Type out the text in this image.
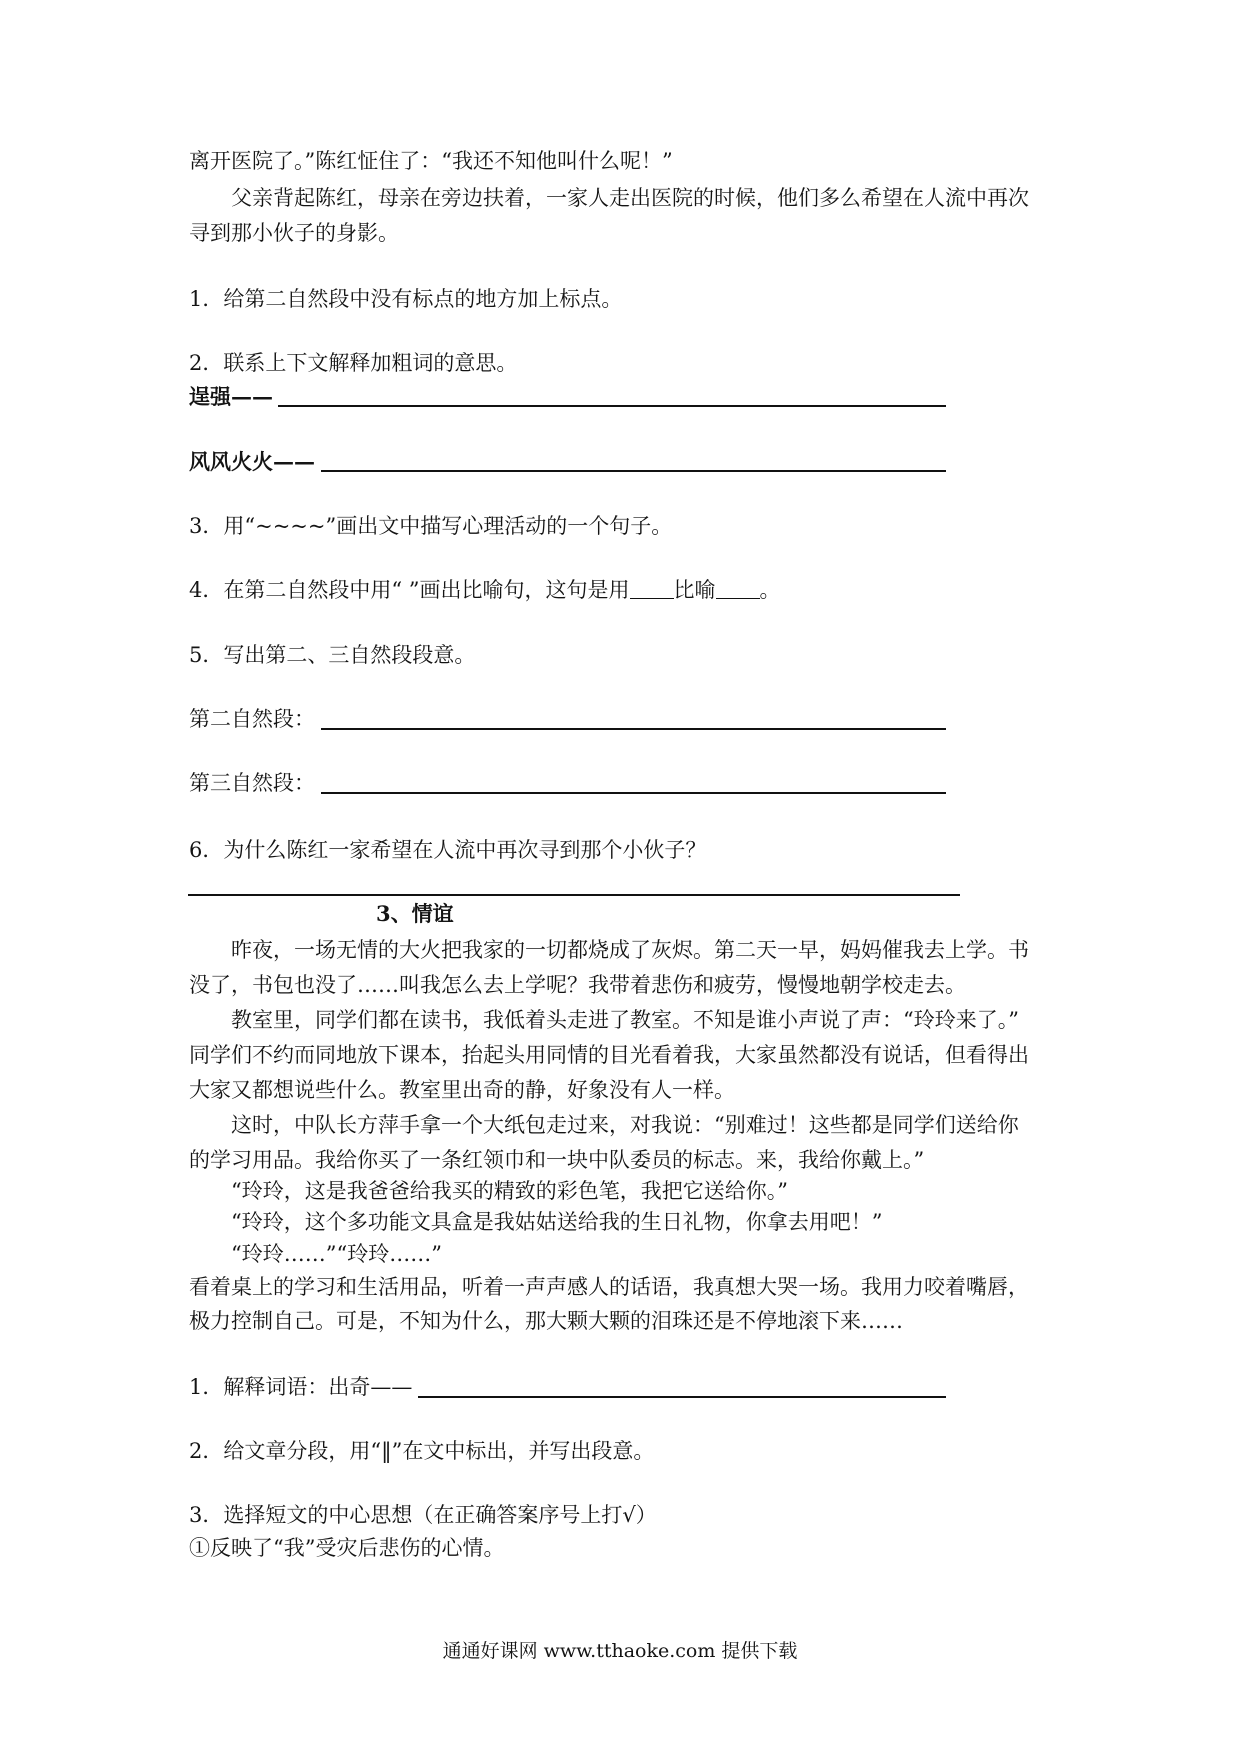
离开医院了。”陈红怔住了：“我还不知他叫什么呢！”
父亲背起陈红，母亲在旁边扶着，一家人走出医院的时候，他们多么希望在人流中再次
寻到那小伙子的身影。
1．给第二自然段中没有标点的地方加上标点。
2．联系上下文解释加粗词的意思。
逞强——
风风火火——
3．用“~~~~”画出文中描写心理活动的一个句子。
4．在第二自然段中用“ ”画出比喻句，这句是用 比喻 。
5．写出第二、三自然段段意。
第二自然段：
第三自然段：
6．为什么陈红一家希望在人流中再次寻到那个小伙子？
3、情谊
昨夜，一场无情的大火把我家的一切都烧成了灰烬。第二天一早，妈妈催我去上学。书
没了，书包也没了……叫我怎么去上学呢？我带着悲伤和疲劳，慢慢地朝学校走去。
教室里，同学们都在读书，我低着头走进了教室。不知是谁小声说了声：“玲玲来了。”
同学们不约而同地放下课本，抬起头用同情的目光看着我，大家虽然都没有说话，但看得出
大家又都想说些什么。教室里出奇的静，好象没有人一样。
这时，中队长方萍手拿一个大纸包走过来，对我说：“别难过！这些都是同学们送给你
的学习用品。我给你买了一条红领巾和一块中队委员的标志。来，我给你戴上。”
“玲玲，这是我爸爸给我买的精致的彩色笔，我把它送给你。”
“玲玲，这个多功能文具盒是我姑姑送给我的生日礼物，你拿去用吧！”
“玲玲……”“玲玲……”
看着桌上的学习和生活用品，听着一声声感人的话语，我真想大哭一场。我用力咬着嘴唇，
极力控制自己。可是，不知为什么，那大颗大颗的泪珠还是不停地滚下来……
1．解释词语：出奇——
2．给文章分段，用“‖”在文中标出，并写出段意。
3．选择短文的中心思想（在正确答案序号上打√）
①反映了“我”受灾后悲伤的心情。
通通好课网 www.tthaoke.com 提供下载
